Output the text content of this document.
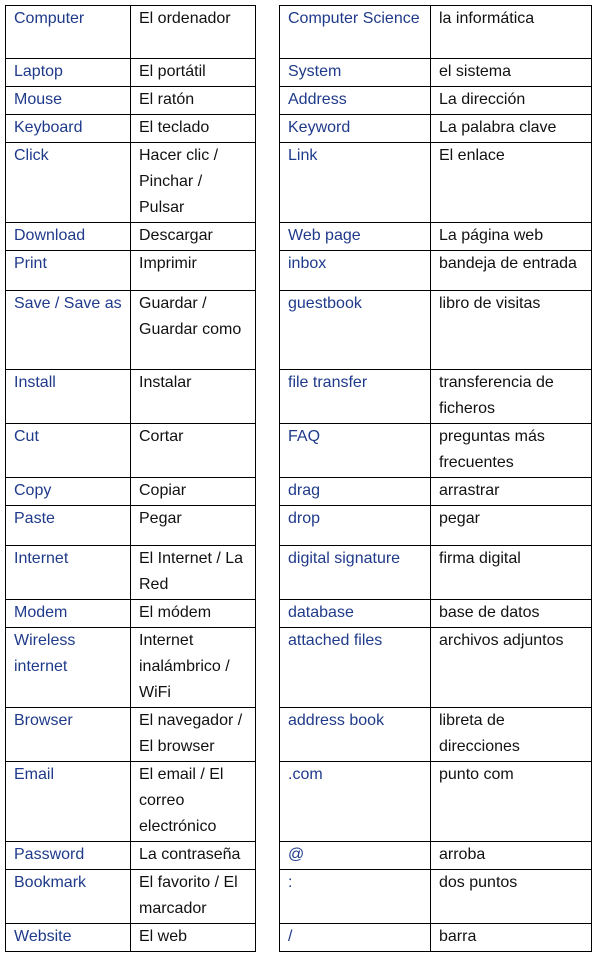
Computer	El ordenador		Computer Science	la informática
Laptop	El portátil		System	el sistema
Mouse	El ratón		Address	La dirección
Keyboard	El teclado		Keyword	La palabra clave
Click	Hacer clic / Pinchar / Pulsar		Link	El enlace
Download	Descargar		Web page	La página web
Print	Imprimir		inbox	bandeja de entrada
Save / Save as	Guardar / Guardar como		guestbook	libro de visitas
Install	Instalar		file transfer	transferencia de ficheros
Cut	Cortar		FAQ	preguntas más frecuentes
Copy	Copiar		drag	arrastrar
Paste	Pegar		drop	pegar
Internet	El Internet / La Red		digital signature	firma digital
Modem	El módem		database	base de datos
Wireless internet	Internet inalámbrico / WiFi		attached files	archivos adjuntos
Browser	El navegador / El browser		address book	libreta de direcciones
Email	El email / El correo electrónico		.com	punto com
Password	La contraseña		@	arroba
Bookmark	El favorito / El marcador		:	dos puntos
Website	El web		/	barra
